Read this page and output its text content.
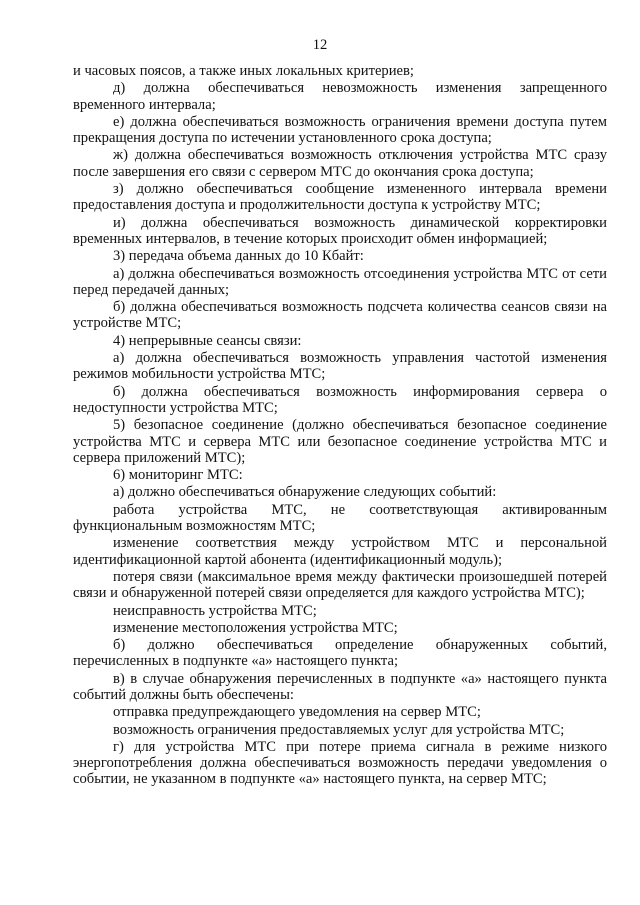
12

и часовых поясов, а также иных локальных критериев;

д) должна обеспечиваться невозможность изменения запрещенного временного интервала;

е) должна обеспечиваться возможность ограничения времени доступа путем прекращения доступа по истечении установленного срока доступа;

ж) должна обеспечиваться возможность отключения устройства МТС сразу после завершения его связи с сервером МТС до окончания срока доступа;

з) должно обеспечиваться сообщение измененного интервала времени предоставления доступа и продолжительности доступа к устройству МТС;

и) должна обеспечиваться возможность динамической корректировки временных интервалов, в течение которых происходит обмен информацией;

3) передача объема данных до 10 Кбайт:

а) должна обеспечиваться возможность отсоединения устройства МТС от сети перед передачей данных;

б) должна обеспечиваться возможность подсчета количества сеансов связи на устройстве МТС;

4) непрерывные сеансы связи:

а) должна обеспечиваться возможность управления частотой изменения режимов мобильности устройства МТС;

б) должна обеспечиваться возможность информирования сервера о недоступности устройства МТС;

5) безопасное соединение (должно обеспечиваться безопасное соединение устройства МТС и сервера МТС или безопасное соединение устройства МТС и сервера приложений МТС);

6) мониторинг МТС:

а) должно обеспечиваться обнаружение следующих событий:

работа устройства МТС, не соответствующая активированным функциональным возможностям МТС;

изменение соответствия между устройством МТС и персональной идентификационной картой абонента (идентификационный модуль);

потеря связи (максимальное время между фактически произошедшей потерей связи и обнаруженной потерей связи определяется для каждого устройства МТС);

неисправность устройства МТС;

изменение местоположения устройства МТС;

б) должно обеспечиваться определение обнаруженных событий, перечисленных в подпункте «а» настоящего пункта;

в) в случае обнаружения перечисленных в подпункте «а» настоящего пункта событий должны быть обеспечены:

отправка предупреждающего уведомления на сервер МТС;

возможность ограничения предоставляемых услуг для устройства МТС;

г) для устройства МТС при потере приема сигнала в режиме низкого энергопотребления должна обеспечиваться возможность передачи уведомления о событии, не указанном в подпункте «а» настоящего пункта, на сервер МТС;
